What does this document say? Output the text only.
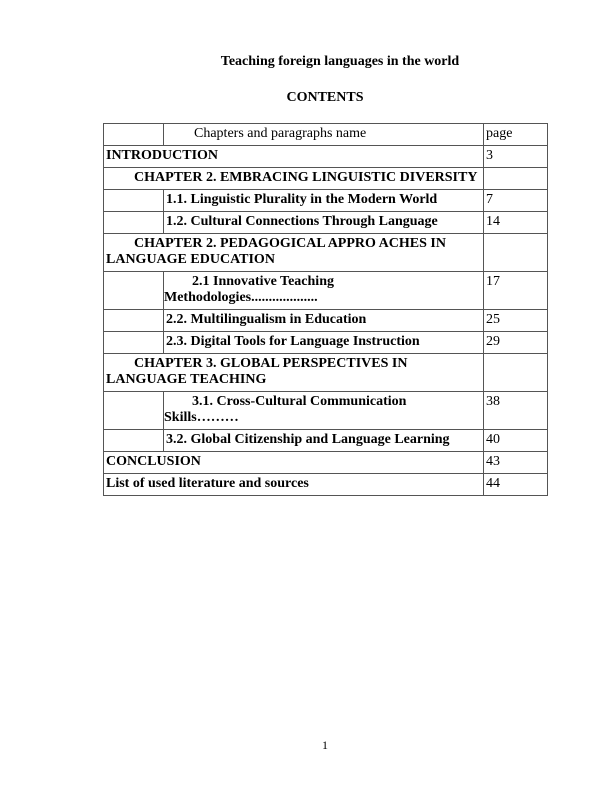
Teaching foreign languages in the world
CONTENTS
	Chapters and paragraphs name	page
INTRODUCTION		3
CHAPTER 2. EMBRACING LINGUISTIC DIVERSITY		
	1.1. Linguistic Plurality in the Modern World	7
	1.2. Cultural Connections Through Language	14
CHAPTER 2. PEDAGOGICAL APPRO ACHES IN LANGUAGE EDUCATION		

	2.1 Innovative Teaching
Methodologies...................	17
	2.2. Multilingualism in Education	25
	2.3. Digital Tools for Language Instruction	29
CHAPTER 3. GLOBAL PERSPECTIVES IN LANGUAGE TEACHING		

	3.1. Cross-Cultural Communication
Skills………	38
	3.2. Global Citizenship and Language Learning	40
CONCLUSION		43
List of used literature and sources		44
1
